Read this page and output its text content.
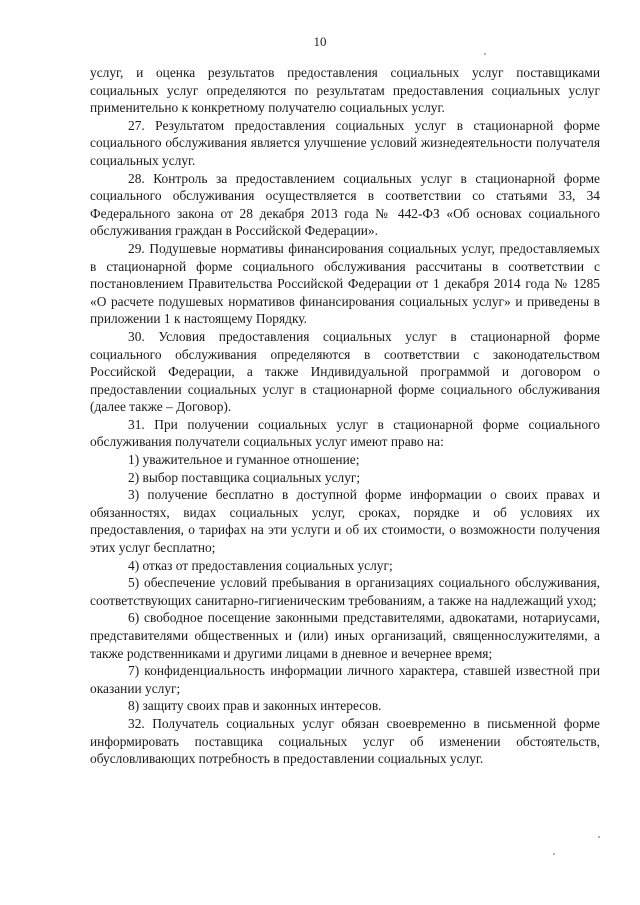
10

услуг, и оценка результатов предоставления социальных услуг поставщиками социальных услуг определяются по результатам предоставления социальных услуг применительно к конкретному получателю социальных услуг.

27. Результатом предоставления социальных услуг в стационарной форме социального обслуживания является улучшение условий жизнедеятельности получателя социальных услуг.

28. Контроль за предоставлением социальных услуг в стационарной форме социального обслуживания осуществляется в соответствии со статьями 33, 34 Федерального закона от 28 декабря 2013 года № 442-ФЗ «Об основах социального обслуживания граждан в Российской Федерации».

29. Подушевые нормативы финансирования социальных услуг, предоставляемых в стационарной форме социального обслуживания рассчитаны в соответствии с постановлением Правительства Российской Федерации от 1 декабря 2014 года № 1285 «О расчете подушевых нормативов финансирования социальных услуг» и приведены в приложении 1 к настоящему Порядку.

30. Условия предоставления социальных услуг в стационарной форме социального обслуживания определяются в соответствии с законодательством Российской Федерации, а также Индивидуальной программой и договором о предоставлении социальных услуг в стационарной форме социального обслуживания (далее также – Договор).

31. При получении социальных услуг в стационарной форме социального обслуживания получатели социальных услуг имеют право на:

1) уважительное и гуманное отношение;

2) выбор поставщика социальных услуг;

3) получение бесплатно в доступной форме информации о своих правах и обязанностях, видах социальных услуг, сроках, порядке и об условиях их предоставления, о тарифах на эти услуги и об их стоимости, о возможности получения этих услуг бесплатно;

4) отказ от предоставления социальных услуг;

5) обеспечение условий пребывания в организациях социального обслуживания, соответствующих санитарно-гигиеническим требованиям, а также на надлежащий уход;

6) свободное посещение законными представителями, адвокатами, нотариусами, представителями общественных и (или) иных организаций, священнослужителями, а также родственниками и другими лицами в дневное и вечернее время;

7) конфиденциальность информации личного характера, ставшей известной при оказании услуг;

8) защиту своих прав и законных интересов.

32. Получатель социальных услуг обязан своевременно в письменной форме информировать поставщика социальных услуг об изменении обстоятельств, обусловливающих потребность в предоставлении социальных услуг.
